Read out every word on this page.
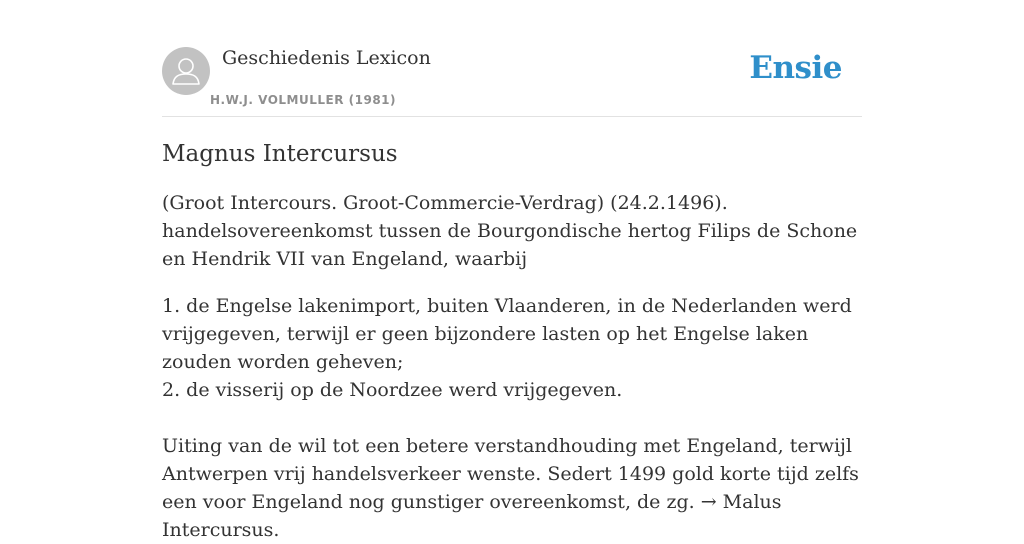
Geschiedenis Lexicon
H.W.J. VOLMULLER (1981)
Ensie
Magnus Intercursus

(Groot Intercours. Groot-Commercie-Verdrag) (24.2.1496). handelsovereenkomst tussen de Bourgondische hertog Filips de Schone en Hendrik VII van Engeland, waarbij

1. de Engelse lakenimport, buiten Vlaanderen, in de Nederlanden werd vrijgegeven, terwijl er geen bijzondere lasten op het Engelse laken zouden worden geheven;
2. de visserij op de Noordzee werd vrijgegeven.
Uiting van de wil tot een betere verstandhouding met Engeland, terwijl Antwerpen vrij handelsverkeer wenste. Sedert 1499 gold korte tijd zelfs een voor Engeland nog gunstiger overeenkomst, de zg. → Malus Intercursus.
